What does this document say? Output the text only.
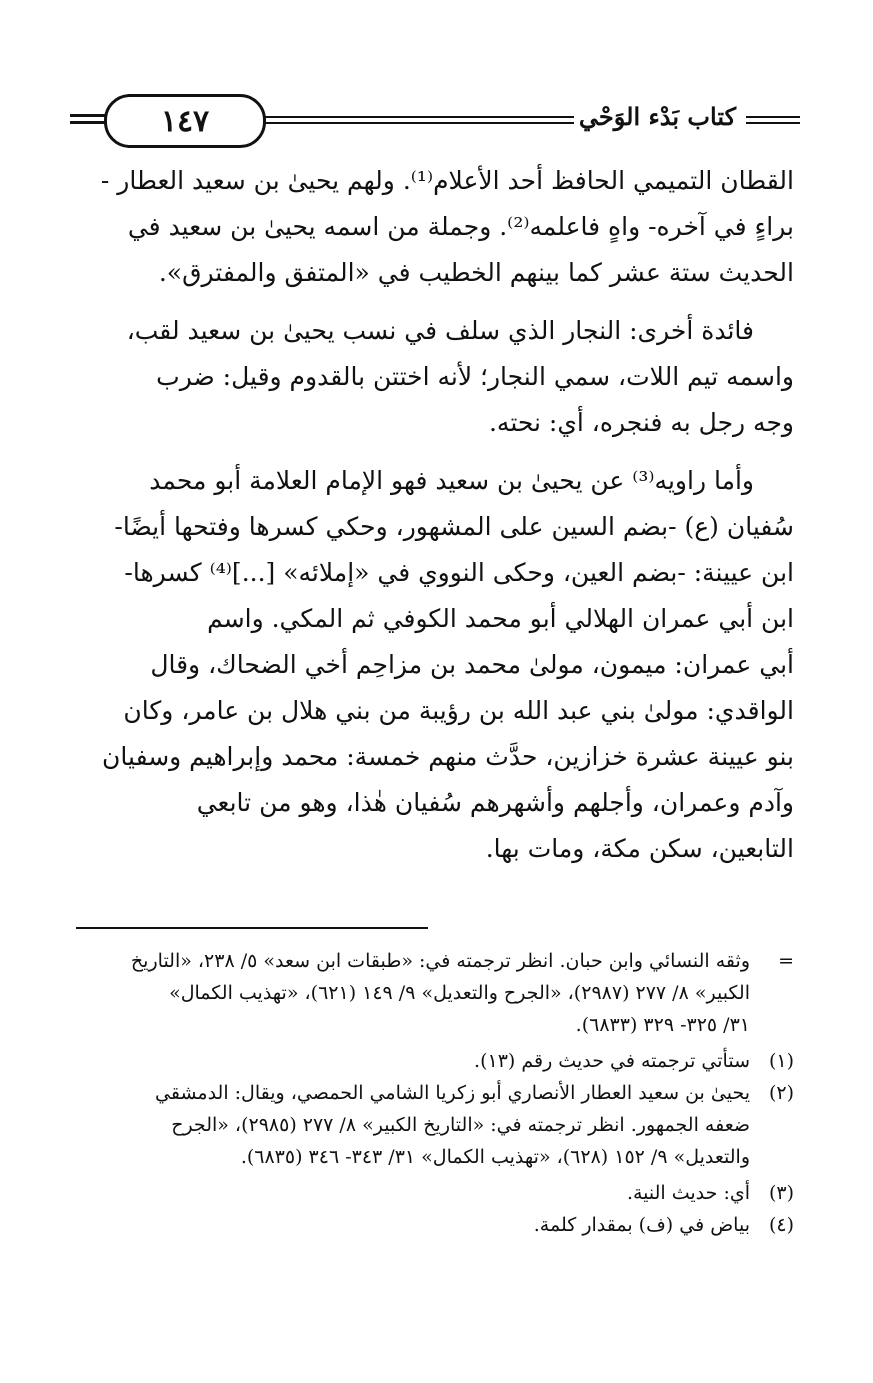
١٤٧	كتاب بَدْء الوَحْي
القطان التميمي الحافظ أحد الأعلام⁽¹⁾. ولهم يحيىٰ بن سعيد العطار -
براءٍ في آخره- واهٍ فاعلمه⁽²⁾. وجملة من اسمه يحيىٰ بن سعيد في
الحديث ستة عشر كما بينهم الخطيب في «المتفق والمفترق».
فائدة أخرى: النجار الذي سلف في نسب يحيىٰ بن سعيد لقب،
واسمه تيم اللات، سمي النجار؛ لأنه اختتن بالقدوم وقيل: ضرب
وجه رجل به فنجره، أي: نحته.
وأما راويه⁽³⁾ عن يحيىٰ بن سعيد فهو الإمام العلامة أبو محمد
سُفيان (ع) -بضم السين على المشهور، وحكي كسرها وفتحها أيضًا-
ابن عيينة: -بضم العين، وحكى النووي في «إملائه» [...]⁽⁴⁾ كسرها-
ابن أبي عمران الهلالي أبو محمد الكوفي ثم المكي. واسم
أبي عمران: ميمون، مولىٰ محمد بن مزاحِم أخي الضحاك، وقال
الواقدي: مولىٰ بني عبد الله بن رؤيبة من بني هلال بن عامر، وكان
بنو عيينة عشرة خزازين، حدَّث منهم خمسة: محمد وإبراهيم وسفيان
وآدم وعمران، وأجلهم وأشهرهم سُفيان هٰذا، وهو من تابعي
التابعين، سكن مكة، ومات بها.
=
وثقه النسائي وابن حبان. انظر ترجمته في: «طبقات ابن سعد» ٥/ ٢٣٨، «التاريخ
الكبير» ٨/ ٢٧٧ (٢٩٨٧)، «الجرح والتعديل» ٩/ ١٤٩ (٦٢١)، «تهذيب الكمال»
٣١/ ٣٢٥- ٣٢٩ (٦٨٣٣).
(١)
ستأتي ترجمته في حديث رقم (١٣).
(٢)
يحيىٰ بن سعيد العطار الأنصاري أبو زكريا الشامي الحمصي، ويقال: الدمشقي
ضعفه الجمهور. انظر ترجمته في: «التاريخ الكبير» ٨/ ٢٧٧ (٢٩٨٥)، «الجرح
والتعديل» ٩/ ١٥٢ (٦٢٨)، «تهذيب الكمال» ٣١/ ٣٤٣- ٣٤٦ (٦٨٣٥).
(٣)
أي: حديث النية.
(٤)
بياض في (ف) بمقدار كلمة.
